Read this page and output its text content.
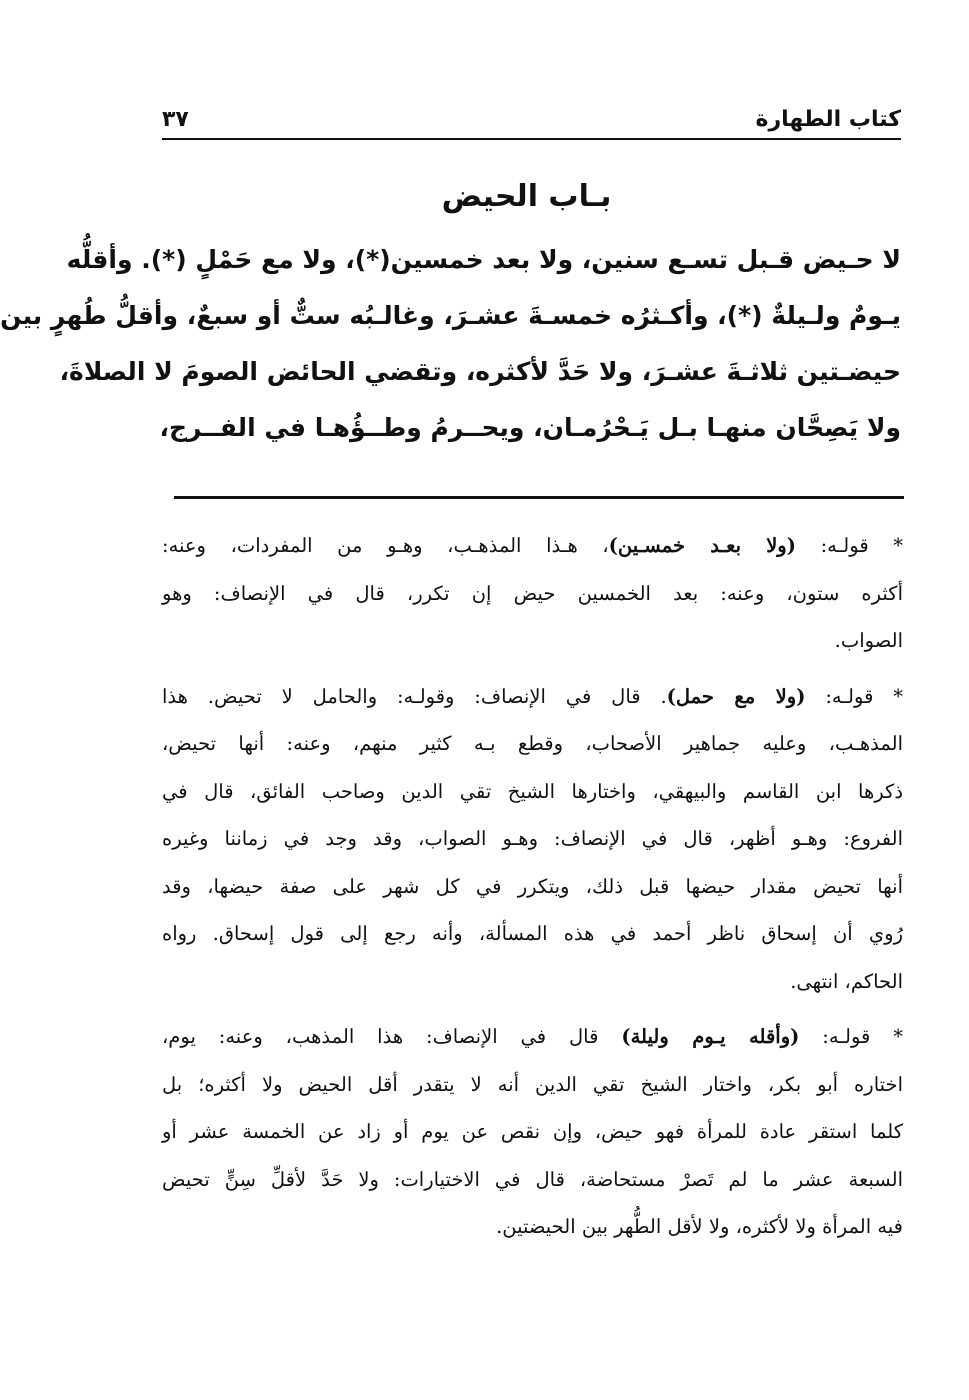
كتاب الطهارة
٣٧
بـاب الحيض
لا حـيض قـبل تسـع سنين، ولا بعد خمسين(*)، ولا مع حَمْلٍ (*). وأقلُّه
يـومٌ ولـيلةٌ (*)، وأكـثرُه خمسـةَ عشـرَ، وغالـبُه ستٌّ أو سبعٌ، وأقلُّ طُهرٍ بين
حيضـتين ثلاثـةَ عشـرَ، ولا حَدَّ لأكثره، وتقضي الحائض الصومَ لا الصلاةَ،
ولا يَصِحَّان منهـا بـل يَـحْرُمـان، ويحــرمُ وطــؤُهـا في الفــرج،
* قولـه: (ولا بعـد خمسـين)، هـذا المذهـب، وهـو من المفردات، وعنه:
أكثره ستون، وعنه: بعد الخمسين حيض إن تكرر، قال في الإنصاف: وهو
الصواب.
* قولـه: (ولا مع حمل). قال في الإنصاف: وقولـه: والحامل لا تحيض. هذا
المذهـب، وعليه جماهير الأصحاب، وقطع بـه كثير منهم، وعنه: أنها تحيض،
ذكرها ابن القاسم والبيهقي، واختارها الشيخ تقي الدين وصاحب الفائق، قال في
الفروع: وهـو أظهر، قال في الإنصاف: وهـو الصواب، وقد وجد في زماننا وغيره
أنها تحيض مقدار حيضها قبل ذلك، ويتكرر في كل شهر على صفة حيضها، وقد
رُوي أن إسحاق ناظر أحمد في هذه المسألة، وأنه رجع إلى قول إسحاق. رواه
الحاكم، انتهى.
* قولـه: (وأقله يـوم وليلة) قال في الإنصاف: هذا المذهب، وعنه: يوم،
اختاره أبو بكر، واختار الشيخ تقي الدين أنه لا يتقدر أقل الحيض ولا أكثره؛ بل
كلما استقر عادة للمرأة فهو حيض، وإن نقص عن يوم أو زاد عن الخمسة عشر أو
السبعة عشر ما لم تَصرْ مستحاضة، قال في الاختيارات: ولا حَدَّ لأقلِّ سِنٍّ تحيض
فيه المرأة ولا لأكثره، ولا لأقل الطُّهر بين الحيضتين.
